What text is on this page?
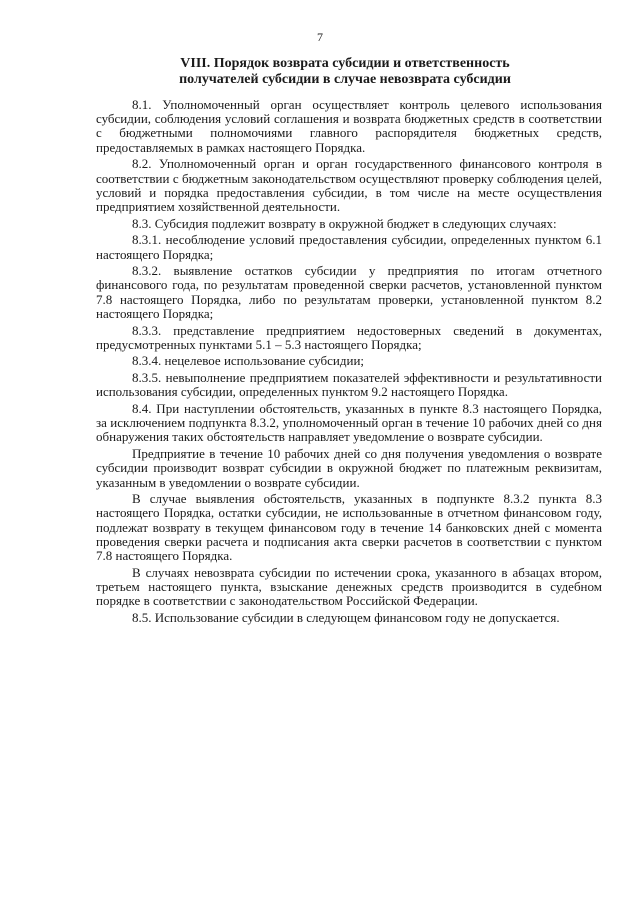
7
VIII. Порядок возврата субсидии и ответственность
получателей субсидии в случае невозврата субсидии

8.1. Уполномоченный орган осуществляет контроль целевого использования субсидии, соблюдения условий соглашения и возврата бюджетных средств в соответствии с бюджетными полномочиями главного распорядителя бюджетных средств, предоставляемых в рамках настоящего Порядка.

8.2. Уполномоченный орган и орган государственного финансового контроля в соответствии с бюджетным законодательством осуществляют проверку соблюдения целей, условий и порядка предоставления субсидии, в том числе на месте осуществления предприятием хозяйственной деятельности.

8.3. Субсидия подлежит возврату в окружной бюджет в следующих случаях:

8.3.1. несоблюдение условий предоставления субсидии, определенных пунктом 6.1 настоящего Порядка;

8.3.2. выявление остатков субсидии у предприятия по итогам отчетного финансового года, по результатам проведенной сверки расчетов, установленной пунктом 7.8 настоящего Порядка, либо по результатам проверки, установленной пунктом 8.2 настоящего Порядка;

8.3.3. представление предприятием недостоверных сведений в документах, предусмотренных пунктами 5.1 – 5.3 настоящего Порядка;

8.3.4. нецелевое использование субсидии;

8.3.5. невыполнение предприятием показателей эффективности и результативности использования субсидии, определенных пунктом 9.2 настоящего Порядка.

8.4. При наступлении обстоятельств, указанных в пункте 8.3 настоящего Порядка, за исключением подпункта 8.3.2, уполномоченный орган в течение 10 рабочих дней со дня обнаружения таких обстоятельств направляет уведомление о возврате субсидии.

Предприятие в течение 10 рабочих дней со дня получения уведомления о возврате субсидии производит возврат субсидии в окружной бюджет по платежным реквизитам, указанным в уведомлении о возврате субсидии.

В случае выявления обстоятельств, указанных в подпункте 8.3.2 пункта 8.3 настоящего Порядка, остатки субсидии, не использованные в отчетном финансовом году, подлежат возврату в текущем финансовом году в течение 14 банковских дней с момента проведения сверки расчета и подписания акта сверки расчетов в соответствии с пунктом 7.8 настоящего Порядка.

В случаях невозврата субсидии по истечении срока, указанного в абзацах втором, третьем настоящего пункта, взыскание денежных средств производится в судебном порядке в соответствии с законодательством Российской Федерации.

8.5. Использование субсидии в следующем финансовом году не допускается.
